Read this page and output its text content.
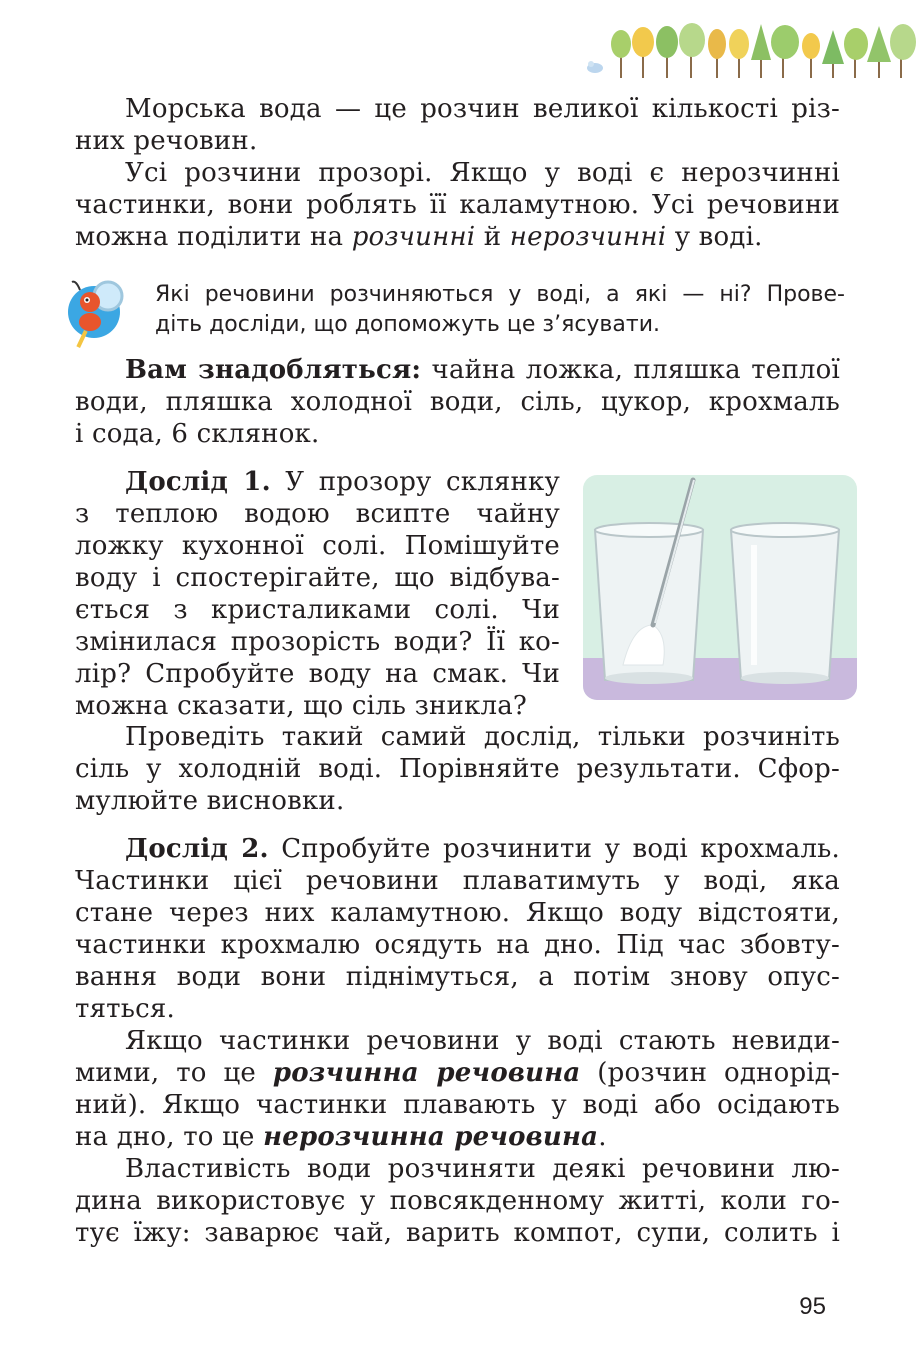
Морська вода — це розчин великої кількості різ-
них речовин.
Усі розчини прозорі. Якщо у воді є нерозчинні
частинки, вони роблять її каламутною. Усі речовини
можна поділити на розчинні й нерозчинні у воді.
Які речовини розчиняються у воді, а які — ні? Прове-
діть досліди, що допоможуть це з’ясувати.
Вам знадобляться: чайна ложка, пляшка теплої
води, пляшка холодної води, сіль, цукор, крохмаль
і сода, 6 склянок.
Дослід 1. У прозору склянку
з теплою водою всипте чайну
ложку кухонної солі. Помішуйте
воду і спостерігайте, що відбува-
ється з кристаликами солі. Чи
змінилася прозорість води? Її ко-
лір? Спробуйте воду на смак. Чи
можна сказати, що сіль зникла?
Проведіть такий самий дослід, тільки розчиніть
сіль у холодній воді. Порівняйте результати. Сфор-
мулюйте висновки.
Дослід 2. Спробуйте розчинити у воді крохмаль.
Частинки цієї речовини плаватимуть у воді, яка
стане через них каламутною. Якщо воду відстояти,
частинки крохмалю осядуть на дно. Під час збовту-
вання води вони піднімуться, а потім знову опус-
тяться.
Якщо частинки речовини у воді стають невиди-
мими, то це розчинна речовина (розчин однорід-
ний). Якщо частинки плавають у воді або осідають
на дно, то це нерозчинна речовина.
Властивість води розчиняти деякі речовини лю-
дина використовує у повсякденному житті, коли го-
тує їжу: заварює чай, варить компот, супи, солить і
95
